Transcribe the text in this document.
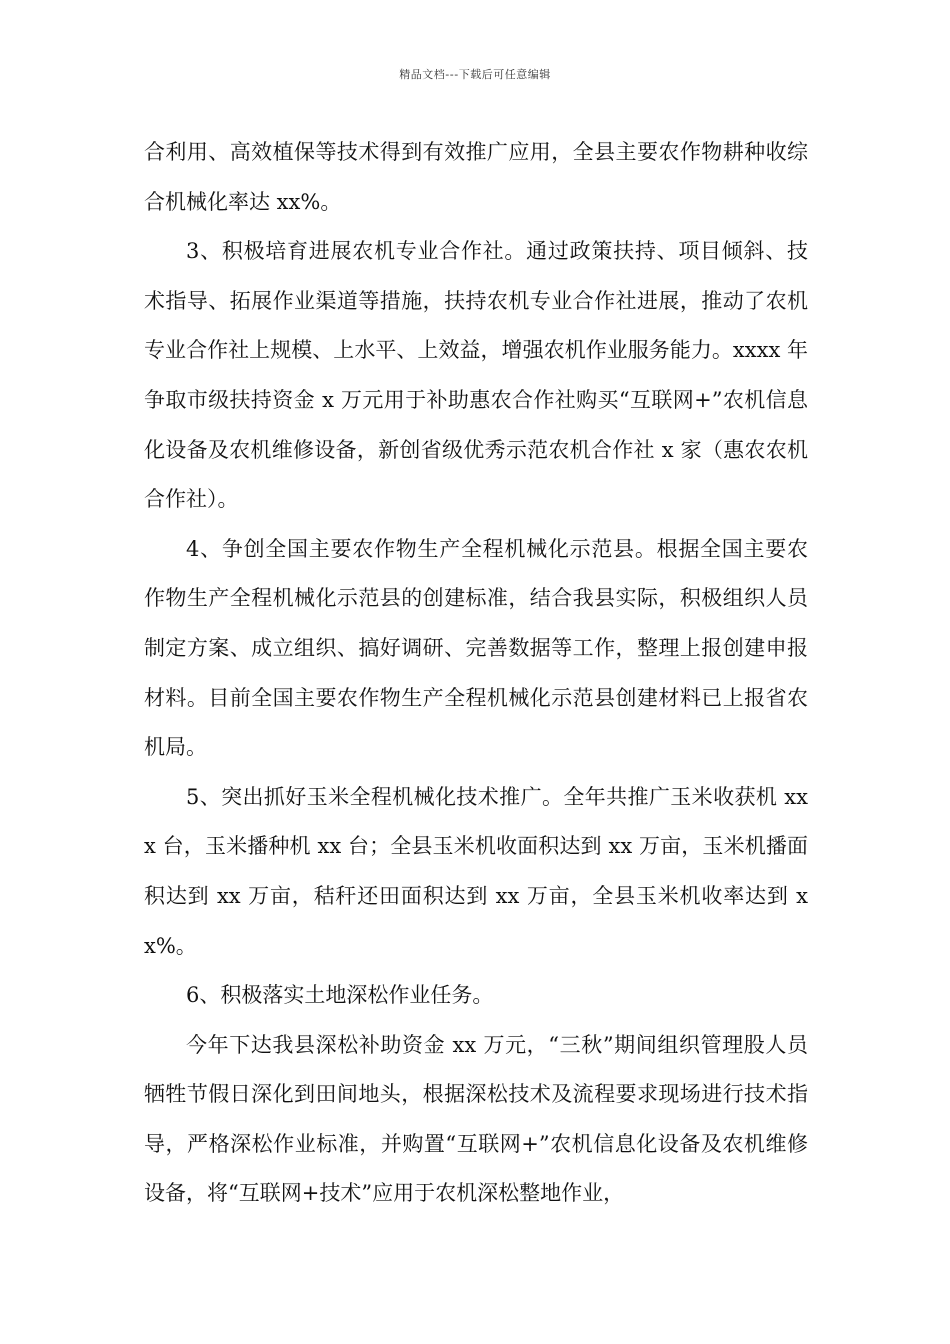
精品文档---下载后可任意编辑

合利用、高效植保等技术得到有效推广应用，全县主要农作物耕种收综合机械化率达 xx%。

3、积极培育进展农机专业合作社。通过政策扶持、项目倾斜、技术指导、拓展作业渠道等措施，扶持农机专业合作社进展，推动了农机专业合作社上规模、上水平、上效益，增强农机作业服务能力。xxxx 年争取市级扶持资金 x 万元用于补助惠农合作社购买“互联网+”农机信息化设备及农机维修设备，新创省级优秀示范农机合作社 x 家（惠农农机合作社）。

4、争创全国主要农作物生产全程机械化示范县。根据全国主要农作物生产全程机械化示范县的创建标准，结合我县实际，积极组织人员制定方案、成立组织、搞好调研、完善数据等工作，整理上报创建申报材料。目前全国主要农作物生产全程机械化示范县创建材料已上报省农机局。

5、突出抓好玉米全程机械化技术推广。全年共推广玉米收获机 xxx 台，玉米播种机 xx 台；全县玉米机收面积达到 xx 万亩，玉米机播面积达到 xx 万亩，秸秆还田面积达到 xx 万亩，全县玉米机收率达到 xx%。

6、积极落实土地深松作业任务。

今年下达我县深松补助资金 xx 万元，“三秋”期间组织管理股人员牺牲节假日深化到田间地头，根据深松技术及流程要求现场进行技术指导，严格深松作业标准，并购置“互联网+”农机信息化设备及农机维修设备，将“互联网+技术”应用于农机深松整地作业，
